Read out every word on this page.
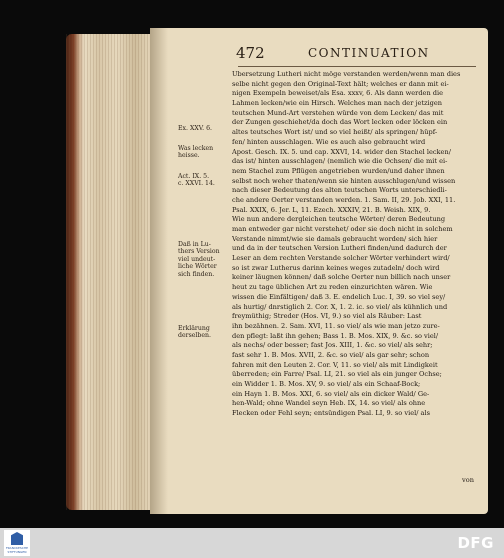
472	CONTINUATION
Ex. XXV. 6.
Was lecken
heisse.
Act. IX. 5.
c. XXVI. 14.
Daß in Lu-
thers Version
viel undeut-
liche Wörter
sich finden.
Erklärung
derselben.
Ubersetzung Lutheri nicht möge verstanden werden/wenn man dies
selbe nicht gegen den Original-Text hält; welches er dann mit ei-
nigen Exempeln beweiset/als Esa. xxxv, 6. Als dann werden die
Lahmen lecken/wie ein Hirsch. Welches man nach der jetzigen
teutschen Mund-Art verstehen würde von dem Lecken/ das mit
der Zungen geschiehet/da doch das Wort lecken oder löcken ein
altes teutsches Wort ist/ und so viel heißt/ als springen/ hüpf-
fen/ hinten ausschlagen. Wie es auch also gebraucht wird
Apost. Gesch. IX. 5. und cap. XXVI, 14. wider den Stachel lecken/
das ist/ hinten ausschlagen/ (nemlich wie die Ochsen/ die mit ei-
nem Stachel zum Pflügen angetrieben wurden/und daher ihnen
selbst noch weher thaten/wenn sie hinten ausschlugen/und wissen
nach dieser Bedeutung des alten teutschen Worts unterschiedli-
che andere Oerter verstanden werden. 1. Sam. II, 29. Job. XXI, 11.
Psal. XXIX, 6. Jer. L, 11. Ezech. XXXIV, 21. B. Weish. XIX, 9.
Wie nun andere dergleichen teutsche Wörter/ deren Bedeutung
man entweder gar nicht verstehet/ oder sie doch nicht in solchem
Verstande nimmt/wie sie damals gebraucht worden/ sich hier
und da in der teutschen Version Lutheri finden/und dadurch der
Leser an dem rechten Verstande solcher Wörter verhindert wird/
so ist zwar Lutherus darinn keines weges zutadeln/ doch wird
keiner läugnen können/ daß solche Oerter nun billich nach unser
heut zu tage üblichen Art zu reden einzurichten wären. Wie
wissen die Einfältigen/ daß 3. E. endelich Luc. I, 39. so viel sey/
als hurtig/ dnrstiglich 2. Cor. X, 1. 2. ic. so viel/ als kühnlich und
freymüthig; Streder (Hos. VI, 9.) so viel als Räuber: Last
ihn bezähnen. 2. Sam. XVI, 11. so viel/ als wie man jetzo zure-
den pflegt: laßt ihn gehen; Bass 1. B. Mos. XIX, 9. &c. so viel/
als nechs/ oder besser; fast Jos. XIII, 1. &c. so viel/ als sehr;
fast sehr 1. B. Mos. XVII, 2. &c. so viel/ als gar sehr; schon
fahren mit den Leuten 2. Cor. V, 11. so viel/ als mit Lindigkeit
überreden; ein Farre/ Psal. LI, 21. so viel als ein junger Ochse;
ein Widder 1. B. Mos. XV, 9. so viel/ als ein Schaaf-Bock;
ein Hayn 1. B. Mos. XXI, 6. so viel/ als ein dicker Wald/ Ge-
hen-Wald; ohne Wandel seyn Heb. IX, 14. so viel/ als ohne
Flecken oder Fehl seyn; entsündigen Psal. LI, 9. so viel/ als
von
FRANCKESCHE STIFTUNGEN	DFG
